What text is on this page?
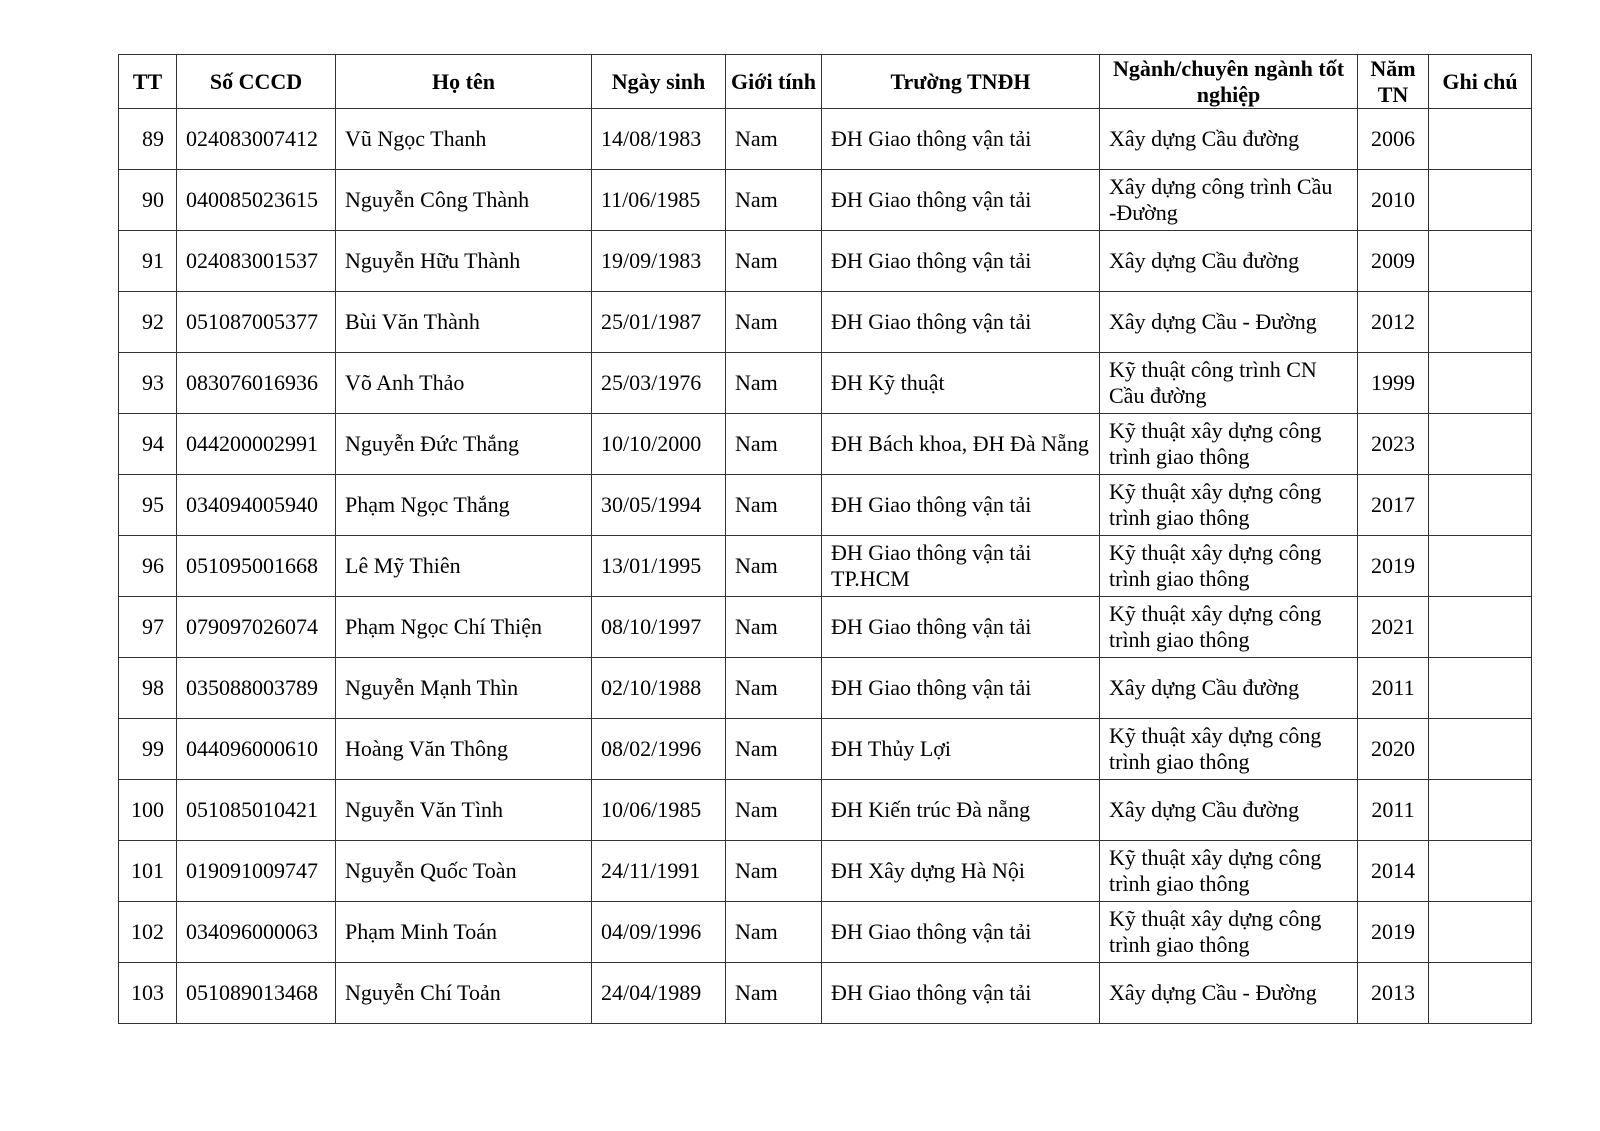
TT	Số CCCD	Họ tên	Ngày sinh	Giới tính	Trường TNĐH	Ngành/chuyên ngành tốt nghiệp	Năm TN	Ghi chú
89	024083007412	Vũ Ngọc Thanh	14/08/1983	Nam	ĐH Giao thông vận tải	Xây dựng Cầu đường	2006	
90	040085023615	Nguyễn Công Thành	11/06/1985	Nam	ĐH Giao thông vận tải	Xây dựng công trình Cầu -Đường	2010	
91	024083001537	Nguyễn Hữu Thành	19/09/1983	Nam	ĐH Giao thông vận tải	Xây dựng Cầu đường	2009	
92	051087005377	Bùi Văn Thành	25/01/1987	Nam	ĐH Giao thông vận tải	Xây dựng Cầu - Đường	2012	
93	083076016936	Võ Anh Thảo	25/03/1976	Nam	ĐH Kỹ thuật	Kỹ thuật công trình CN Cầu đường	1999	
94	044200002991	Nguyễn Đức Thắng	10/10/2000	Nam	ĐH Bách khoa, ĐH Đà Nẵng	Kỹ thuật xây dựng công trình giao thông	2023	
95	034094005940	Phạm Ngọc Thắng	30/05/1994	Nam	ĐH Giao thông vận tải	Kỹ thuật xây dựng công trình giao thông	2017	
96	051095001668	Lê Mỹ Thiên	13/01/1995	Nam	ĐH Giao thông vận tải TP.HCM	Kỹ thuật xây dựng công trình giao thông	2019	
97	079097026074	Phạm Ngọc Chí Thiện	08/10/1997	Nam	ĐH Giao thông vận tải	Kỹ thuật xây dựng công trình giao thông	2021	
98	035088003789	Nguyễn Mạnh Thìn	02/10/1988	Nam	ĐH Giao thông vận tải	Xây dựng Cầu đường	2011	
99	044096000610	Hoàng Văn Thông	08/02/1996	Nam	ĐH Thủy Lợi	Kỹ thuật xây dựng công trình giao thông	2020	
100	051085010421	Nguyễn Văn Tình	10/06/1985	Nam	ĐH Kiến trúc Đà nẵng	Xây dựng Cầu đường	2011	
101	019091009747	Nguyễn Quốc Toàn	24/11/1991	Nam	ĐH Xây dựng Hà Nội	Kỹ thuật xây dựng công trình giao thông	2014	
102	034096000063	Phạm Minh Toán	04/09/1996	Nam	ĐH Giao thông vận tải	Kỹ thuật xây dựng công trình giao thông	2019	
103	051089013468	Nguyễn Chí Toản	24/04/1989	Nam	ĐH Giao thông vận tải	Xây dựng Cầu - Đường	2013	
